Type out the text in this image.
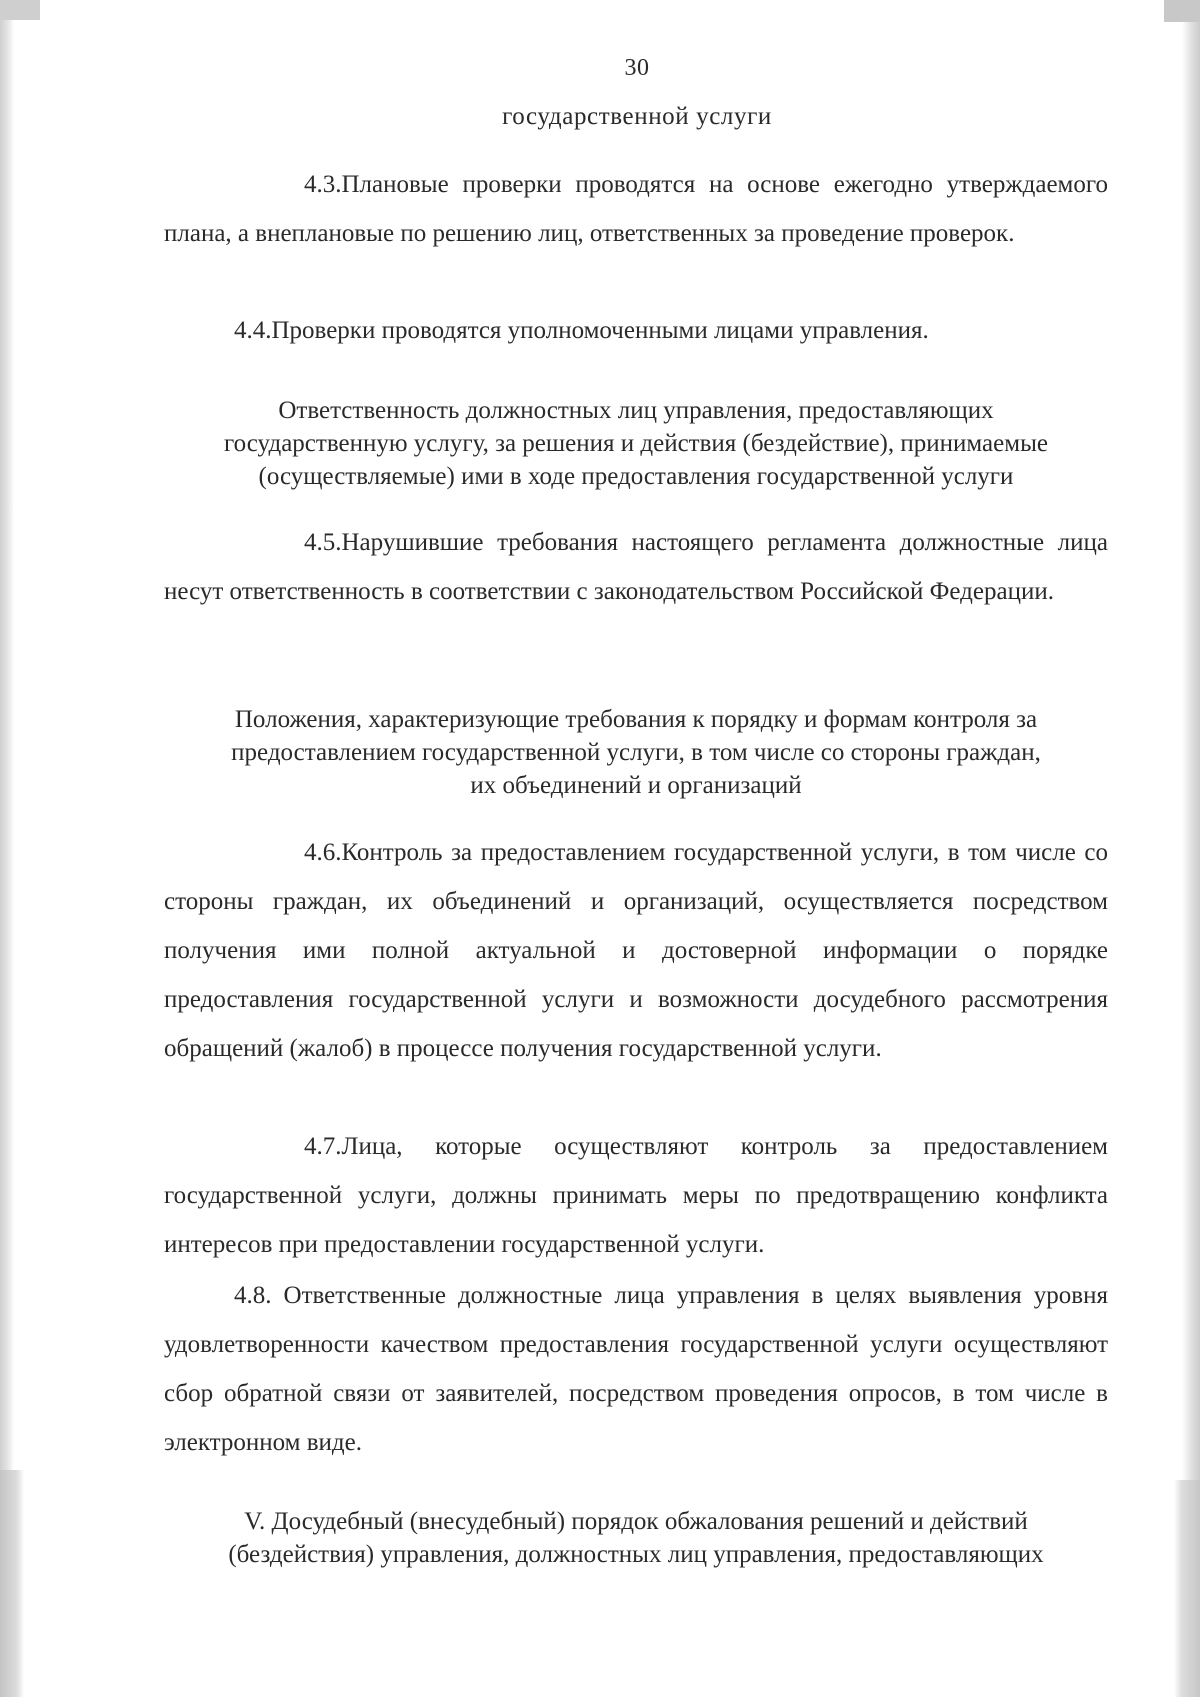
30
государственной услуги
4.3.Плановые проверки проводятся на основе ежегодно утверждаемого плана, а внеплановые по решению лиц, ответственных за проведение проверок.
4.4.Проверки проводятся уполномоченными лицами управления.
Ответственность должностных лиц управления, предоставляющих
государственную услугу, за решения и действия (бездействие), принимаемые
(осуществляемые) ими в ходе предоставления государственной услуги
4.5.Нарушившие требования настоящего регламента должностные лица несут ответственность в соответствии с законодательством Российской Федерации.
Положения, характеризующие требования к порядку и формам контроля за
предоставлением государственной услуги, в том числе со стороны граждан,
их объединений и организаций
4.6.Контроль за предоставлением государственной услуги, в том числе со стороны граждан, их объединений и организаций, осуществляется посредством получения ими полной актуальной и достоверной информации о порядке предоставления государственной услуги и возможности досудебного рассмотрения обращений (жалоб) в процессе получения государственной услуги.
4.7.Лица, которые осуществляют контроль за предоставлением государственной услуги, должны принимать меры по предотвращению конфликта интересов при предоставлении государственной услуги.
4.8. Ответственные должностные лица управления в целях выявления уровня удовлетворенности качеством предоставления государственной услуги осуществляют сбор обратной связи от заявителей, посредством проведения опросов, в том числе в электронном виде.
V. Досудебный (внесудебный) порядок обжалования решений и действий
(бездействия) управления, должностных лиц управления, предоставляющих
